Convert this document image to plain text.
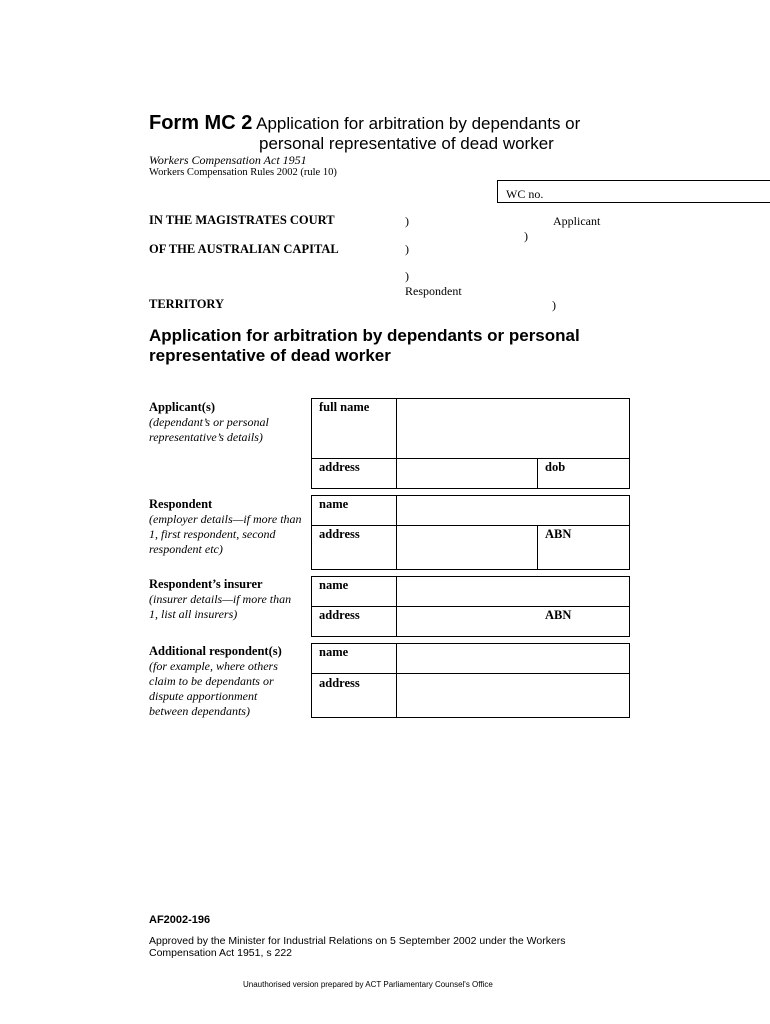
Form MC 2 Application for arbitration by dependants or
personal representative of dead worker
Workers Compensation Act 1951
Workers Compensation Rules 2002 (rule 10)
WC no.
IN THE MAGISTRATES COURT
OF THE AUSTRALIAN CAPITAL
TERRITORY
)	Applicant
)
)
)
Respondent
)
Application for arbitration by dependants or personal representative of dead worker
Applicant(s)
(dependant’s or personal representative’s details)
full name
address	dob
Respondent
(employer details—if more than 1, first respondent, second respondent etc)
name
address	ABN
Respondent’s insurer
(insurer details—if more than 1, list all insurers)
name
address	ABN
Additional respondent(s)
(for example, where others claim to be dependants or dispute apportionment between dependants)
name
address
AF2002-196
Approved by the Minister for Industrial Relations on 5 September 2002 under the Workers Compensation Act 1951, s 222
Unauthorised version prepared by ACT Parliamentary Counsel's Office
